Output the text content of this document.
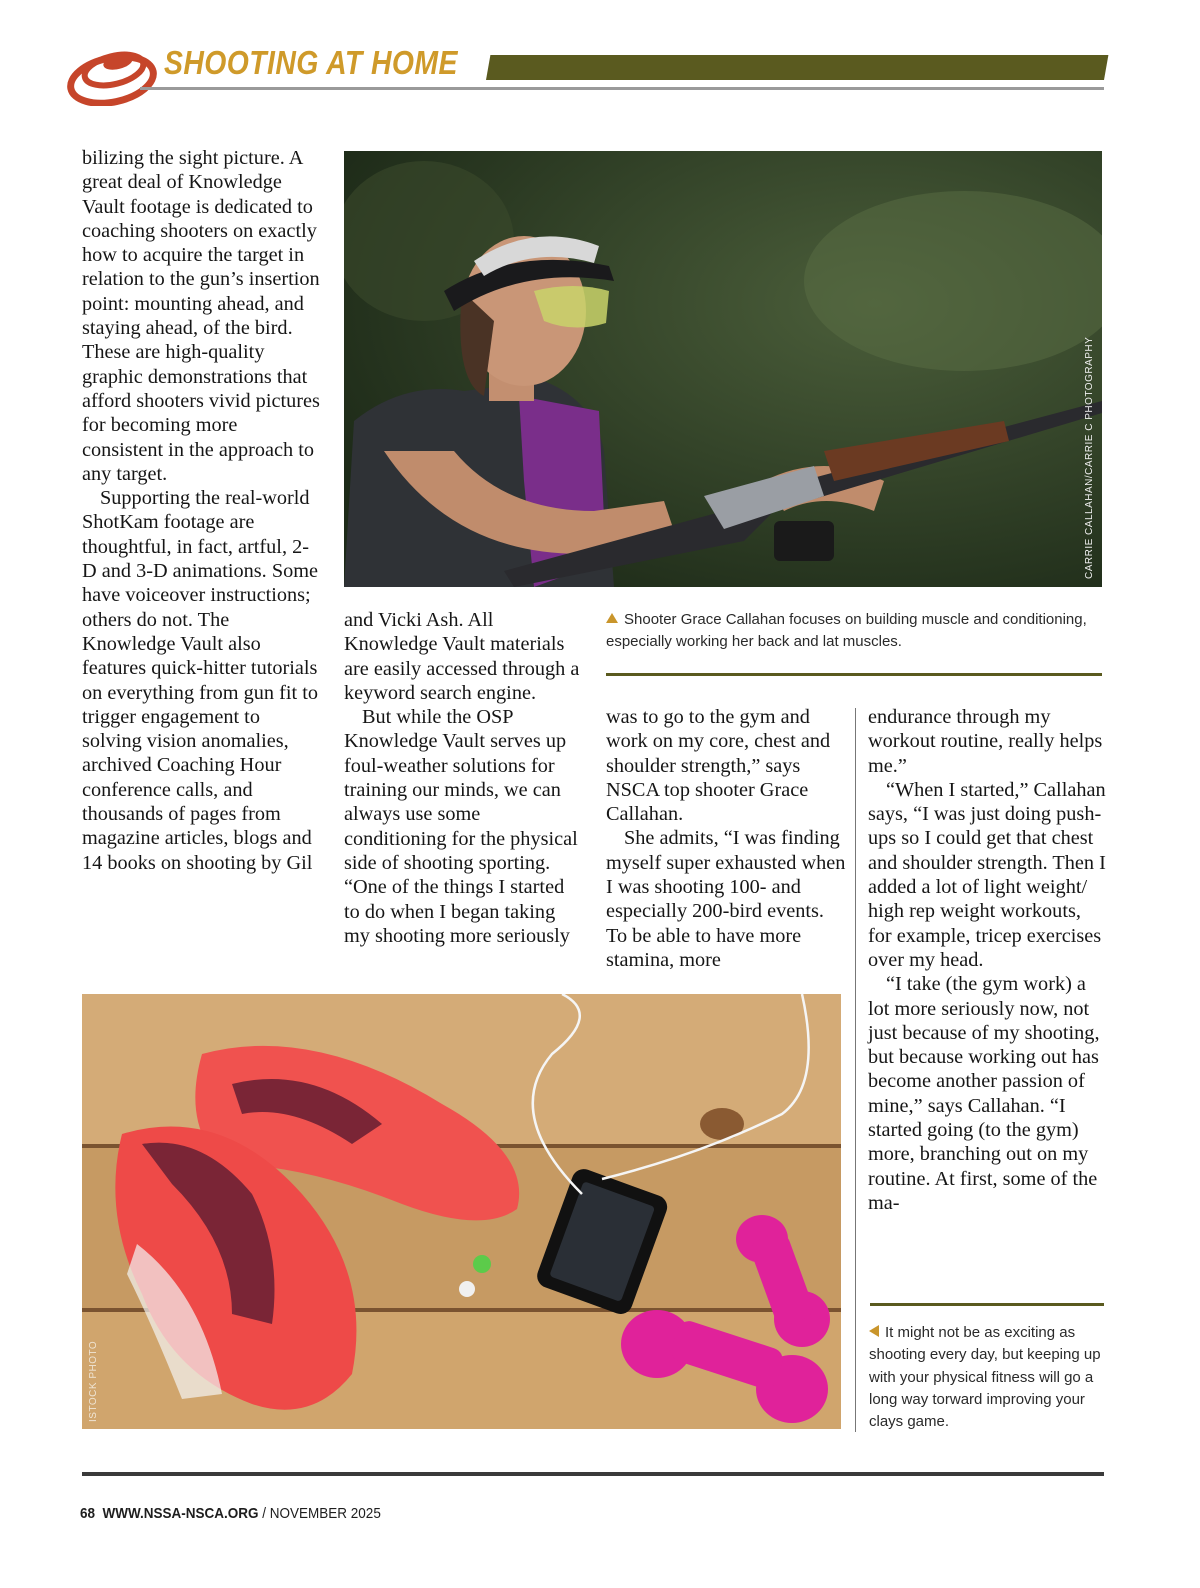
SHOOTING AT HOME
CARRIE CALLAHAN/CARRIE C PHOTOGRAPHY

bilizing the sight picture. A great deal of Knowledge Vault footage is dedicated to coaching shooters on exactly how to acquire the target in relation to the gun’s insertion point: mounting ahead, and staying ahead, of the bird. These are high-quality graphic demonstrations that afford shooters vivid pictures for becoming more consistent in the approach to any target.

Supporting the real-world ShotKam footage are thoughtful, in fact, artful, 2-D and 3-D animations. Some have voiceover instructions; others do not. The Knowledge Vault also features quick-hitter tutorials on everything from gun fit to trigger engagement to solving vision anomalies, archived Coaching Hour conference calls, and thousands of pages from magazine articles, blogs and 14 books on shooting by Gil

and Vicki Ash. All Knowledge Vault materials are easily accessed through a keyword search engine.

But while the OSP Knowledge Vault serves up foul-weather solutions for training our minds, we can always use some conditioning for the physical side of shooting sporting. “One of the things I started to do when I began taking my shooting more seriously

Shooter Grace Callahan focuses on building muscle and conditioning, especially working her back and lat muscles.

was to go to the gym and work on my core, chest and shoulder strength,” says NSCA top shooter Grace Callahan.

She admits, “I was finding myself super exhausted when I was shooting 100- and especially 200-bird events. To be able to have more stamina, more

endurance through my workout routine, really helps me.”

“When I started,” Callahan says, “I was just doing push-ups so I could get that chest and shoulder strength. Then I added a lot of light weight/ high rep weight workouts, for example, tricep exercises over my head.

“I take (the gym work) a lot more seriously now, not just because of my shooting, but because working out has become another passion of mine,” says Callahan. “I started going (to the gym) more, branching out on my routine. At first, some of the ma-

ISTOCK PHOTO

It might not be as exciting as shooting every day, but keeping up with your physical fitness will go a long way torward improving your clays game.

68 WWW.NSSA-NSCA.ORG / NOVEMBER 2025
